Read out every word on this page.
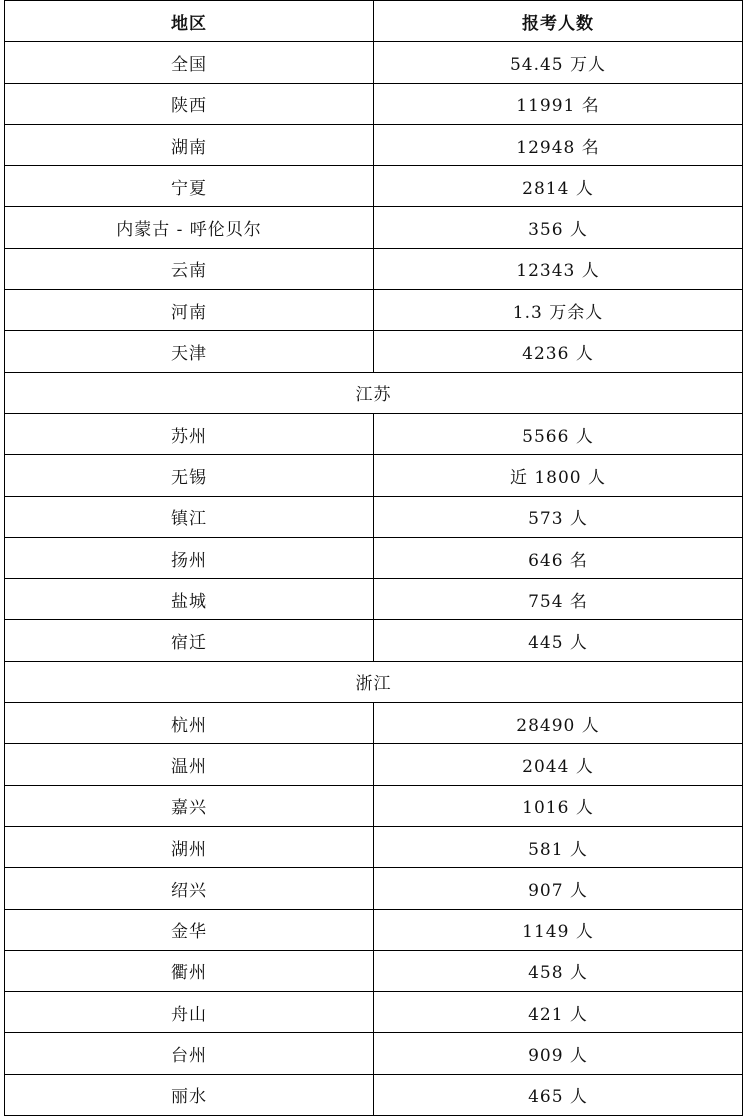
地区	报考人数
全国	54.45 万人
陕西	11991 名
湖南	12948 名
宁夏	2814 人
内蒙古 - 呼伦贝尔	356 人
云南	12343 人
河南	1.3 万余人
天津	4236 人
江苏	
苏州	5566 人
无锡	近 1800 人
镇江	573 人
扬州	646 名
盐城	754 名
宿迁	445 人
浙江	
杭州	28490 人
温州	2044 人
嘉兴	1016 人
湖州	581 人
绍兴	907 人
金华	1149 人
衢州	458 人
舟山	421 人
台州	909 人
丽水	465 人
